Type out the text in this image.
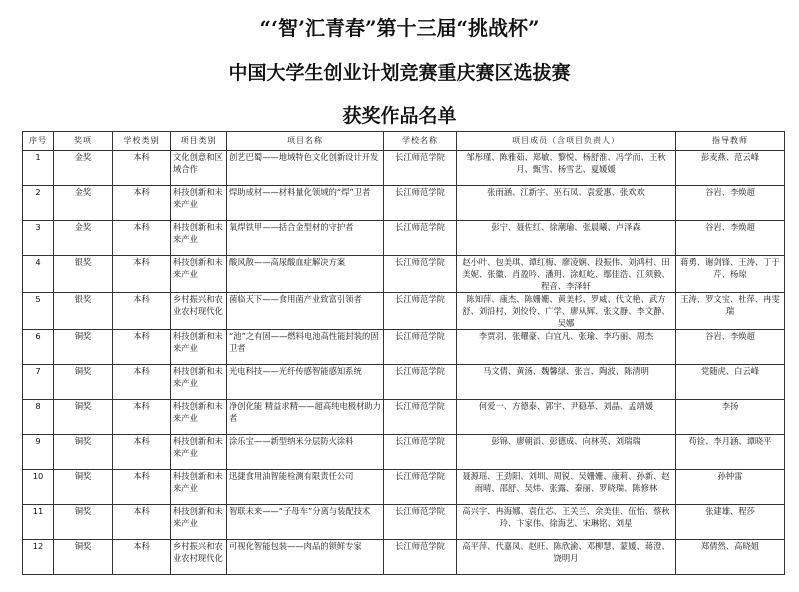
“‘智’汇青春”第十三届“挑战杯”
中国大学生创业计划竞赛重庆赛区选拔赛
获奖作品名单
序号	奖项	学校类别	项目类别	项目名称	学校名称	项目成员（含项目负责人）	指导教师
1	金奖	本科	文化创意和区域合作	创艺巴蜀——地域特色文化创新设计开发	长江师范学院	邹彤瑾、陈雅茹、郑敏、黎悦、杨舒淮、冯学而、王秋月、甄雪、杨雪艺、夏媛媛	彭麦燕、范云峰
2	金奖	本科	科技创新和未来产业	焊助成材——材料量化领域的“焊”卫者	长江师范学院	张雨涵、江新宇、巫石凤、袁爱惠、张欢欢	谷岩、李焕超
3	金奖	本科	科技创新和未来产业	氧焊铁甲——括合金型材的守护者	长江师范学院	彭宁、聂佐红、徐潮瑜、张晨曦、卢泽森	谷岩、李焕超
4	银奖	本科	科技创新和未来产业	酸风散——高尿酸血症解决方案	长江师范学院	赵小叶、包美琪、谭红梅、廖凌娴、段振伟、刘鸿村、田美妮、张徽、肖盈吟、潘玥、涂虹屹、鄢佳浩、江须毅、程音、李泽轩	蒋勇、谢剑锋、王涛、丁于芹、杨琼
5	银奖	本科	乡村振兴和农业农村现代化	菌临天下——食用菌产业致富引领者	长江师范学院	陈知萍、康杰、陈姗姗、黄美杉、罗威、代文艳、武方舒、刘沿村、刘佼伶、广学、廖从辉、张文静、李文静、吴娜	王涛、罗文宝、杜萍、冉雯瑞
6	铜奖	本科	科技创新和未来产业	“池”之有固——燃料电池高性能封装的固卫者	长江师范学院	李贾羽、张耀豪、白宜凡、张瑜、李巧丽、周杰	谷岩、李焕超
7	铜奖	本科	科技创新和未来产业	光电科技——光纤传感智能感知系统	长江师范学院	马文倩、黄汤、魏馨绿、张言、陶波、陈清明	党随虎、白云峰
8	铜奖	本科	科技创新和未来产业	净创化能 精益求精——超高纯电极材助力者	长江师范学院	何爱一、方德泰、郭宇、尹稳革、刘晶、孟靖媛	李扬
9	铜奖	本科	科技创新和未来产业	涂乐宝——新型纳米分层防火涂料	长江师范学院	彭锦、廖朝滔、彭德成、向林英、刘瑞瑞	苟铨、李月涵、谭晓平
10	铜奖	本科	科技创新和未来产业	迅捷食用油智能检测有限责任公司	长江师范学院	聂源瑶、王劲阳、刘圳、周锐、吴姗姗、康莉、孙新、赵雨晴、邵舒、吴炜、张露、秦丽、罗晓瑞、陈修林	孙钟雷
11	铜奖	本科	科技创新和未来产业	智联未来——“子母车”分离与装配技术	长江师范学院	高兴宇、冉海娜、袁仕芯、王关兰、余美佳、伍怡、蔡秋玲、卞家伟、徐海艺、宋琳铭、刘星	张建雄、程莎
12	铜奖	本科	乡村振兴和农业农村现代化	可视化智能包装——肉品的锁鲜专家	长江师范学院	高平萍、代嘉凤、赵旺、陈欣渝、邓柳慧、蒙媛、蒋澄、饶明月	郑倩然、高晓姐
